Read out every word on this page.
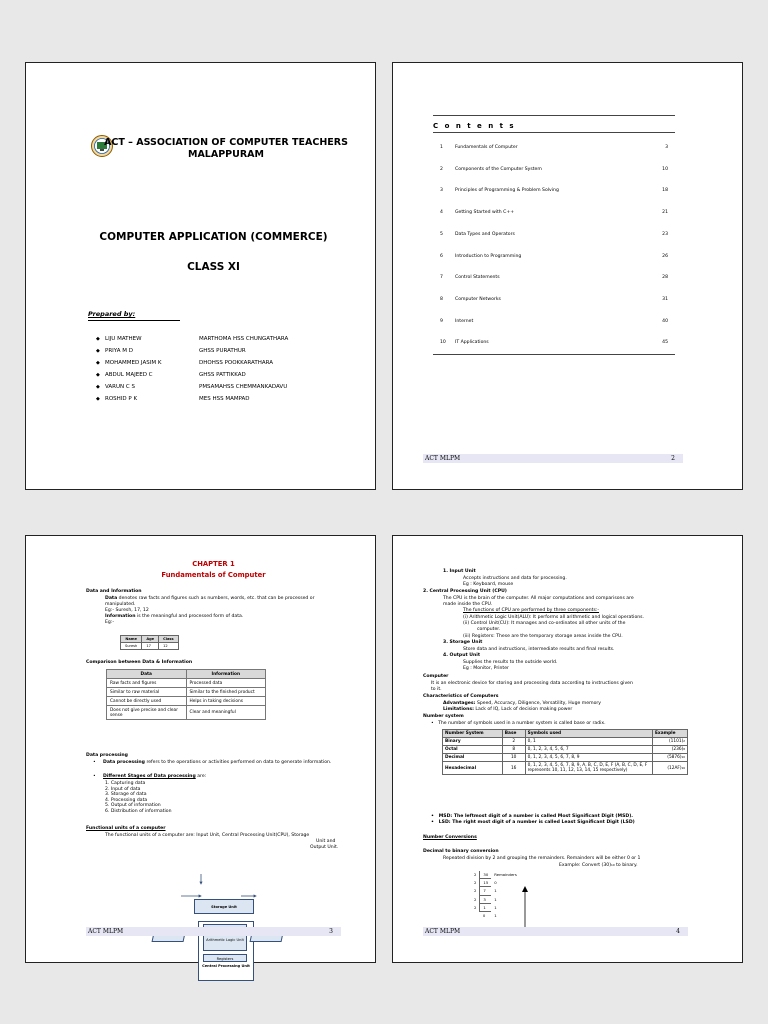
ACT – ASSOCIATION OF COMPUTER TEACHERS
MALAPPURAM
COMPUTER APPLICATION (COMMERCE)
CLASS XI
Prepared by:
◆ LIJU MATHEW	MARTHOMA HSS CHUNGATHARA
◆ PRIYA M D	GHSS PURATHUR
◆ MOHAMMED JASIM K	DHOHSS POOKKARATHARA
◆ ABDUL MAJEED C	GHSS PATTIKKAD
◆ VARUN C S	PMSAMAHSS CHEMMANKADAVU
◆ ROSHID P K	MES HSS MAMPAD
C o n t e n t s
1	Fundamentals of Computer	3
2	Components of the Computer System	10
3	Principles of Programming & Problem Solving	18
4	Getting Started with C++	21
5	Data Types and Operators	23
6	Introduction to Programming	26
7	Control Statements	28
8	Computer Networks	31
9	Internet	40
10 IT Applications	45
ACT MLPM	2
CHAPTER 1
Fundamentals of Computer
Data and Information
Data denotes raw facts and figures such as numbers, words, etc. that can be processed or manipulated.
Eg:- Suresh, 17, 12
Information is the meaningful and processed form of data.
Eg:-
Name	Age	Class
Suresh	17	12
Comparison between Data & Information
Data	Information
Raw facts and figures	Processed data
Similar to raw material	Similar to the finished product
Cannot be directly used	Helps in taking decisions
Does not give precise and clear sense	Clear and meaningful
Data processing
•     Data processing refers to the operations or activities performed on data to generate information.
•     Different Stages of Data processing are:
1. Capturing data
2. Input of data
3. Storage of data
4. Processing data
5. Output of information
6. Distribution of information
Functional units of a computer
The functional units of a computer are: Input Unit, Central Processing Unit(CPU), Storage
Unit and
Output Unit.
Storage Unit
Arithmetic Logic Unit
Registers
Central Processing Unit
ACT MLPM	3
1. Input Unit
Accepts instructions and data for processing.
Eg : Keyboard, mouse
2. Central Processing Unit (CPU)
The CPU is the brain of the computer. All major computations and comparisons are
made inside the CPU.
The functions of CPU are performed by three components:-
(i) Arithmetic Logic Unit(ALU): It performs all arithmetic and logical operations.
(ii) Control Unit(CU): It manages and co-ordinates all other units of the
computer.
(iii) Registers: These are the temporary storage areas inside the CPU.
3. Storage Unit
Store data and instructions, intermediate results and final results.
4. Output Unit
Supplies the results to the outside world.
Eg : Monitor, Printer
Computer
It is an electronic device for storing and processing data according to instructions given
to it.
Characteristics of Computers
Advantages: Speed, Accuracy, Diligence, Versatility, Huge memory
Limitations: Lack of IQ, Lack of decision making power
Number system
•   The number of symbols used in a number system is called base or radix.
Number System	Base	Symbols used	Example
Binary	2	0, 1	(1101)₂
Octal	8	0, 1, 2, 3, 4, 5, 6, 7	(236)₈
Decimal	10	0, 1, 2, 3, 4, 5, 6, 7, 8, 9	(5876)₁₀
Hexadecimal	16	0, 1, 2, 3, 4, 5, 6, 7, 8, 9, A, B, C, D, E, F (A, B, C, D, E, F represents 10, 11, 12, 13, 14, 15 respectively)	(12AF)₁₆
•   MSD: The leftmost digit of a number is called Most Significant Digit (MSD).
•   LSD: The right most digit of a number is called Least Significant Digit (LSD)
Number Conversions
Decimal to binary conversion
Repeated division by 2 and grouping the remainders. Remainders will be either 0 or 1
Example: Convert (30)₁₀ to binary.
2	30	Remainders
2	15	0
2	7	1
2	3	1
2	1	1
	0	1
ACT MLPM	4
